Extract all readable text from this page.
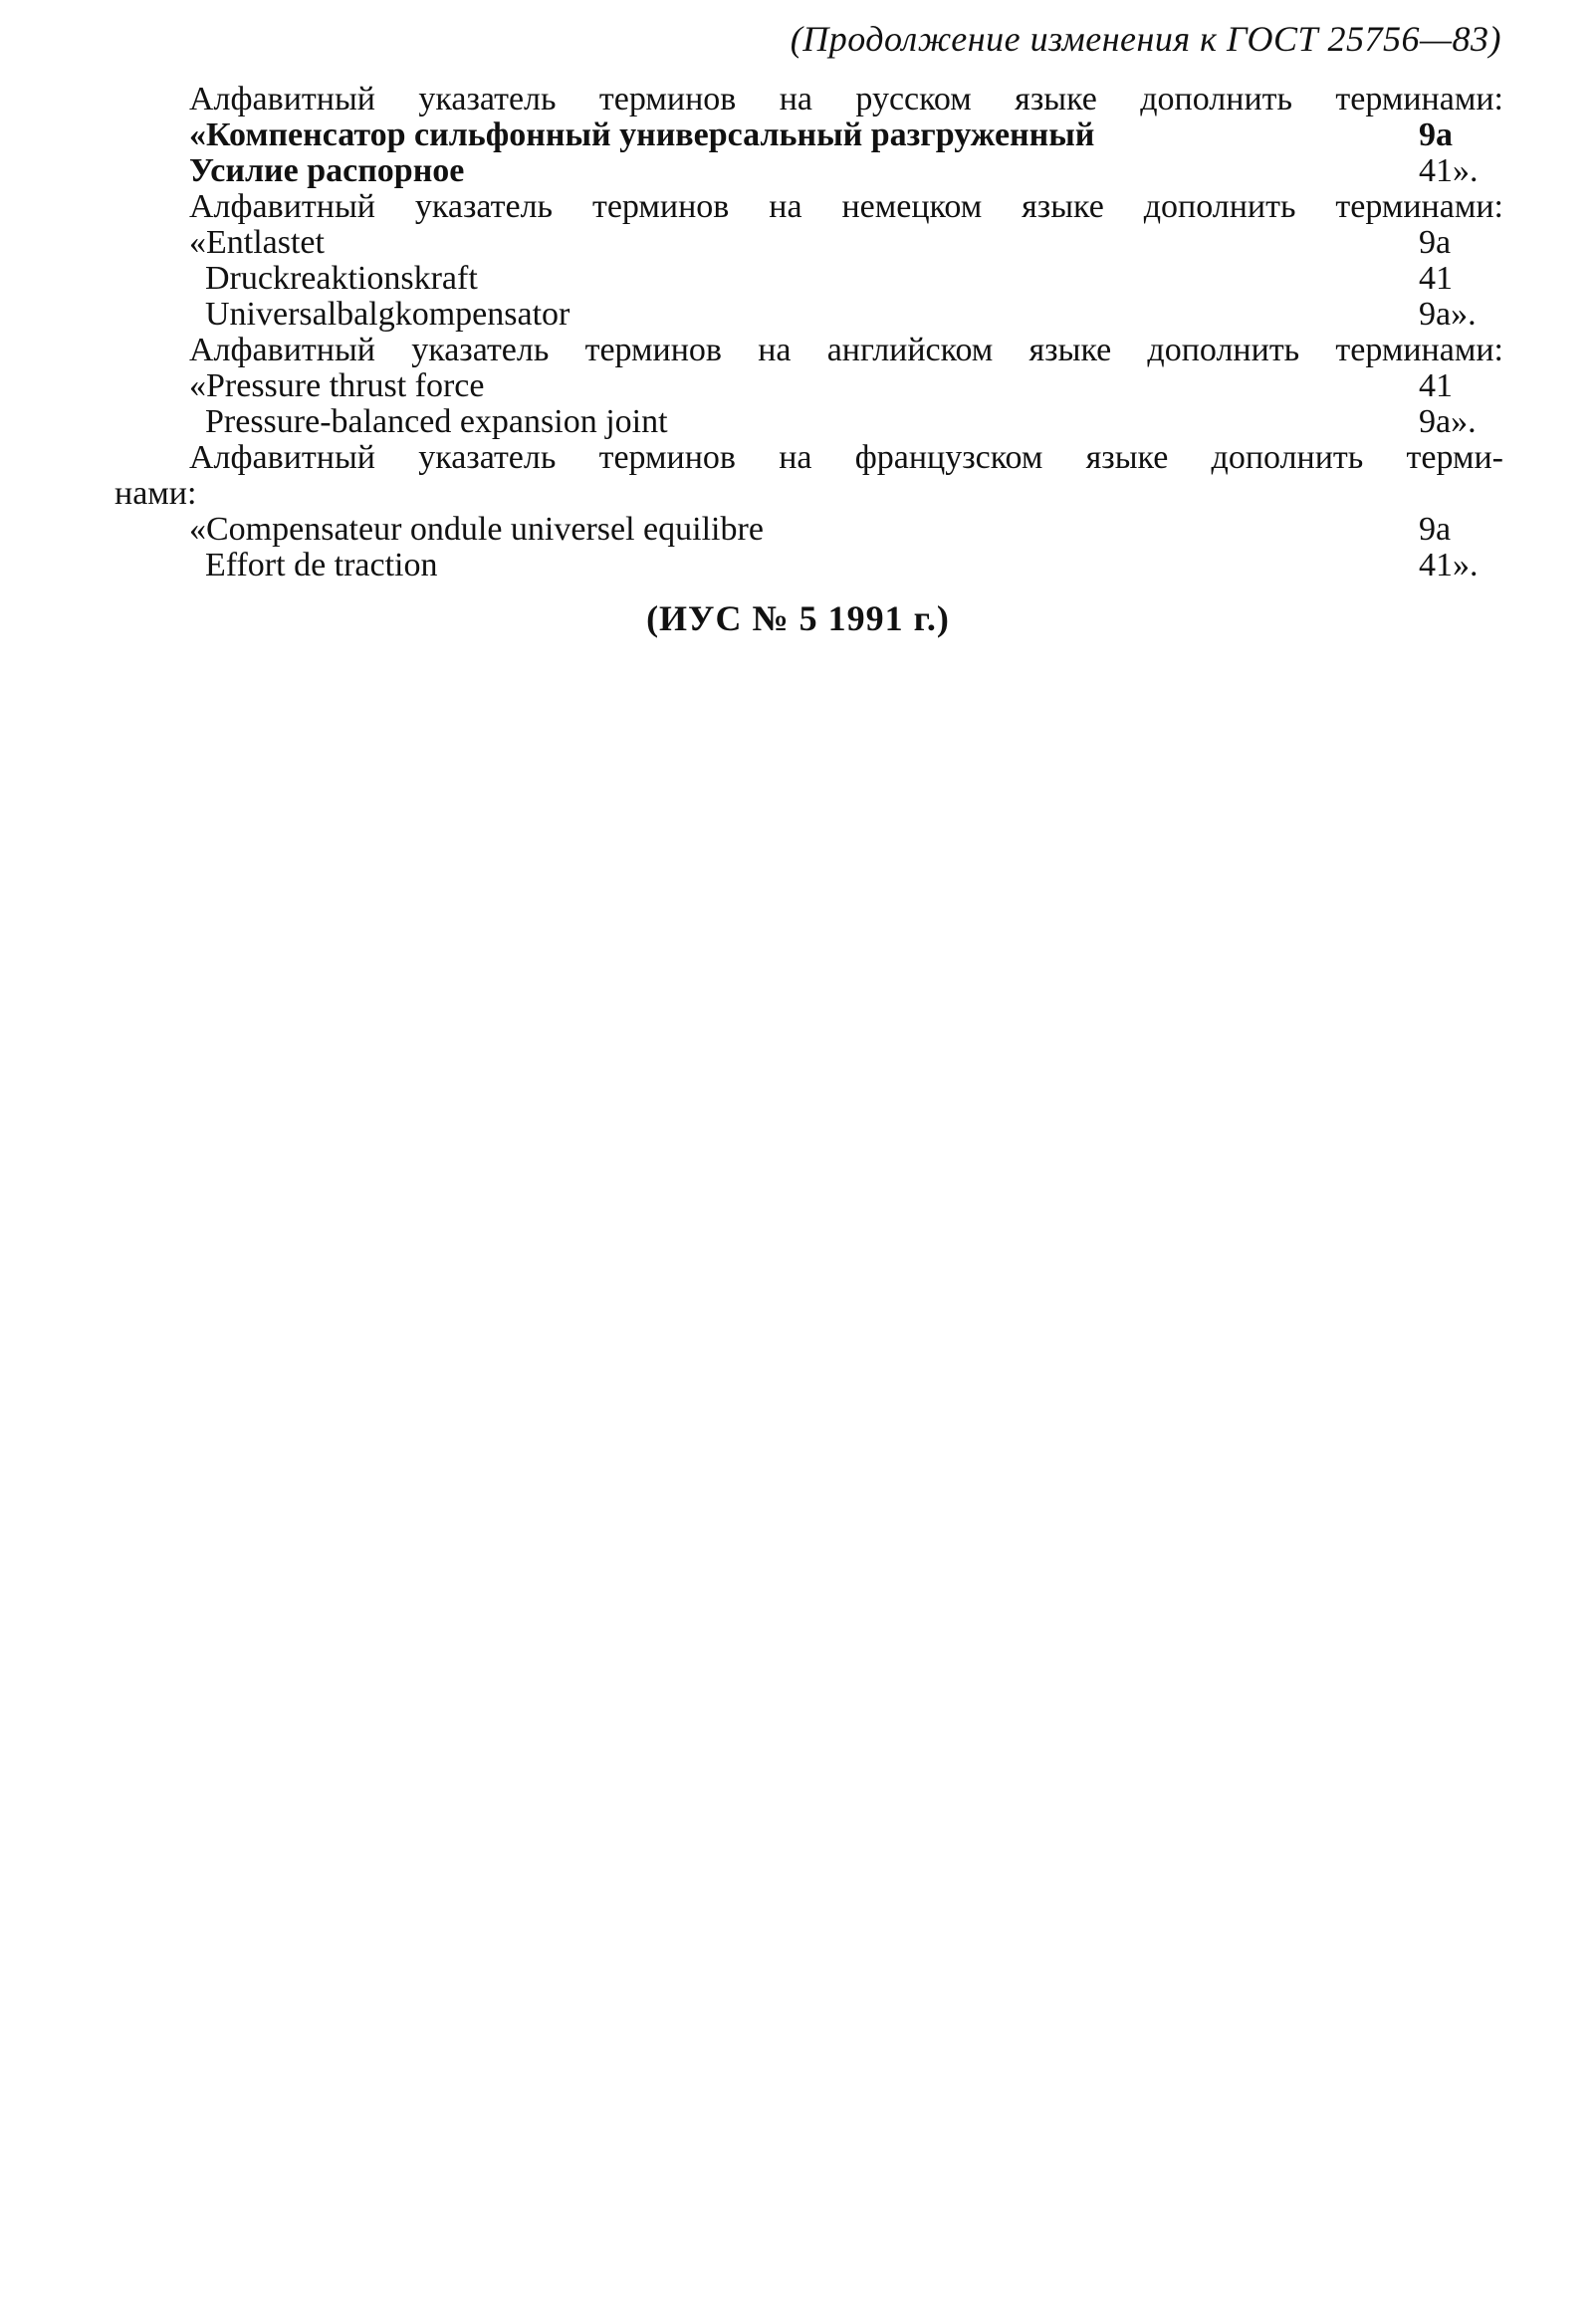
(Продолжение изменения к ГОСТ 25756—83)
Алфавитный указатель терминов на русском языке дополнить терминами:
«Компенсатор сильфонный универсальный разгруженный	9а
Усилие распорное	41».
Алфавитный указатель терминов на немецком языке дополнить терминами:
«Entlastet	9а
Druckreaktionskraft	41
Universalbalgkompensator	9а».
Алфавитный указатель терминов на английском языке дополнить терминами:
«Pressure thrust force	41
Pressure-balanced expansion joint	9а».
Алфавитный указатель терминов на французском языке дополнить терми-
нами:
«Compensateur ondule universel equilibre	9а
Effort de traction	41».
(ИУС № 5 1991 г.)
